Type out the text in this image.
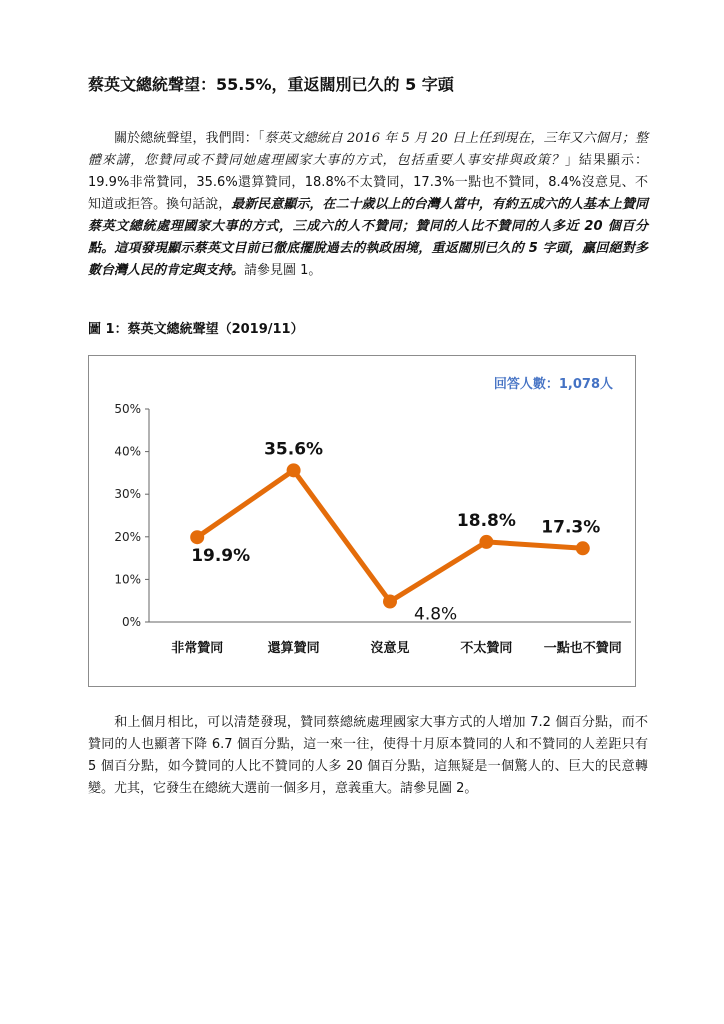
蔡英文總統聲望：55.5%，重返闊別已久的 5 字頭
關於總統聲望，我們問：「蔡英文總統自 2016 年 5 月 20 日上任到現在，三年又六個月；整體來講，您贊同或不贊同她處理國家大事的方式，包括重要人事安排與政策？」結果顯示：19.9%非常贊同，35.6%還算贊同，18.8%不太贊同，17.3%一點也不贊同，8.4%沒意見、不知道或拒答。換句話說，最新民意顯示，在二十歲以上的台灣人當中，有約五成六的人基本上贊同蔡英文總統處理國家大事的方式，三成六的人不贊同；贊同的人比不贊同的人多近 20 個百分點。這項發現顯示蔡英文目前已徹底擺脫過去的執政困境，重返闊別已久的 5 字頭，贏回絕對多數台灣人民的肯定與支持。請參見圖 1。
圖 1：蔡英文總統聲望（2019/11）
回答人數：1,078人
0%
10%
20%
30%
40%
50%
非常贊同	還算贊同	沒意見	不太贊同 一點也不贊同
19.9%
35.6%
4.8%
18.8% 17.3%
和上個月相比，可以清楚發現，贊同蔡總統處理國家大事方式的人增加 7.2 個百分點，而不贊同的人也顯著下降 6.7 個百分點，這一來一往，使得十月原本贊同的人和不贊同的人差距只有 5 個百分點，如今贊同的人比不贊同的人多 20 個百分點，這無疑是一個驚人的、巨大的民意轉變。尤其，它發生在總統大選前一個多月，意義重大。請參見圖 2。
